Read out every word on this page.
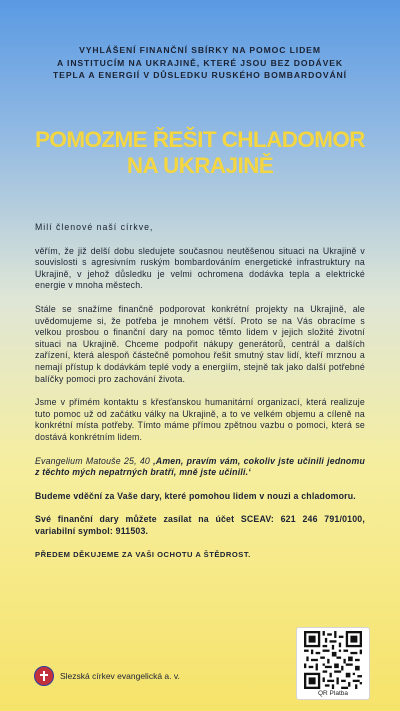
VYHLÁŠENÍ FINANČNÍ SBÍRKY NA POMOC LIDEM
A INSTITUCÍM NA UKRAJINĚ, KTERÉ JSOU BEZ DODÁVEK
TEPLA A ENERGIÍ V DŮSLEDKU RUSKÉHO BOMBARDOVÁNÍ
POMOZME ŘEŠIT CHLADOMOR
NA UKRAJINĚ

Milí členové naší církve,

věřím, že již delší dobu sledujete současnou neutěšenou situaci na Ukrajině v souvislosti s agresivním ruským bombardováním energetické infrastruktury na Ukrajině, v jehož důsledku je velmi ochromena dodávka tepla a elektrické energie v mnoha městech.

Stále se snažíme finančně podporovat konkrétní projekty na Ukrajině, ale uvědomujeme si, že potřeba je mnohem větší. Proto se na Vás obracíme s velkou prosbou o finanční dary na pomoc těmto lidem v jejich složité životní situaci na Ukrajině. Chceme podpořit nákupy generátorů, centrál a dalších zařízení, která alespoň částečně pomohou řešit smutný stav lidí, kteří mrznou a nemají přístup k dodávkám teplé vody a energiím, stejně tak jako další potřebné balíčky pomoci pro zachování života.

Jsme v přímém kontaktu s křesťanskou humanitární organizací, která realizuje tuto pomoc už od začátku války na Ukrajině, a to ve velkém objemu a cíleně na konkrétní místa potřeby. Tímto máme přímou zpětnou vazbu o pomoci, která se dostává konkrétním lidem.

Evangelium Matouše 25, 40 ‚Amen, pravím vám, cokoliv jste učinili jednomu z těchto mých nepatrných bratří, mně jste učinili.‘

Budeme vděční za Vaše dary, které pomohou lidem v nouzi a chladomoru.

Své finanční dary můžete zasílat na účet SCEAV: 621 246 791/0100, variabilní symbol: 911503.

PŘEDEM DĚKUJEME ZA VAŠI OCHOTU A ŠTĚDROST.

Slezská církev evangelická a. v.
QR Platba
